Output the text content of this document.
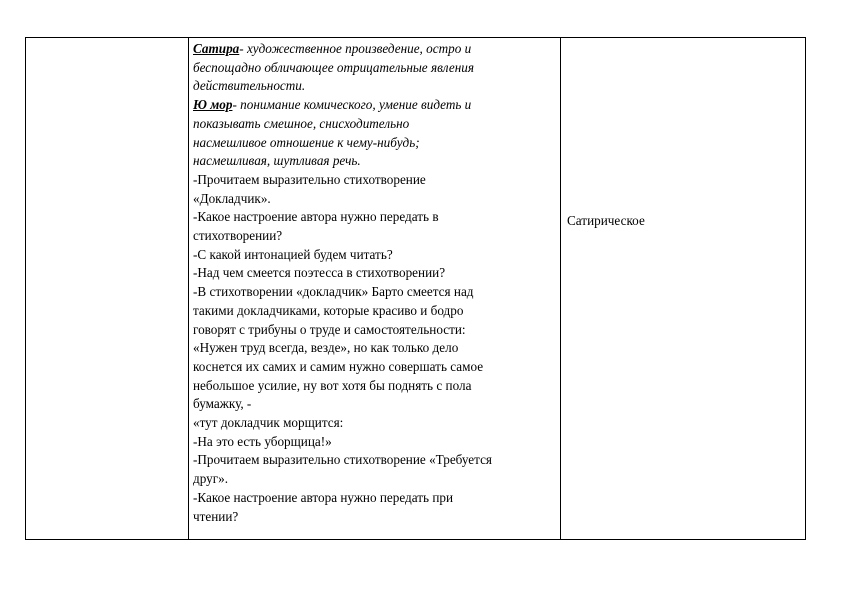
Сатира- художественное произведение, остро и
беспощадно обличающее отрицательные явления
действительности.
Ю мор- понимание комического, умение видеть и
показывать смешное, снисходительно
насмешливое отношение к чему-нибудь;
насмешливая, шутливая речь.
-Прочитаем выразительно стихотворение
«Докладчик».
-Какое настроение автора нужно передать в
стихотворении?
-С какой интонацией будем читать?
-Над чем смеется поэтесса в стихотворении?
-В стихотворении «докладчик» Барто смеется над
такими докладчиками, которые красиво и бодро
говорят с трибуны о труде и самостоятельности:
«Нужен труд всегда, везде», но как только дело
коснется их самих и самим нужно совершать самое
небольшое усилие, ну вот хотя бы поднять с пола
бумажку, -
«тут докладчик морщится:
-На это есть уборщица!»
-Прочитаем выразительно стихотворение «Требуется
друг».
-Какое настроение автора нужно передать при
чтении?
Сатирическое
